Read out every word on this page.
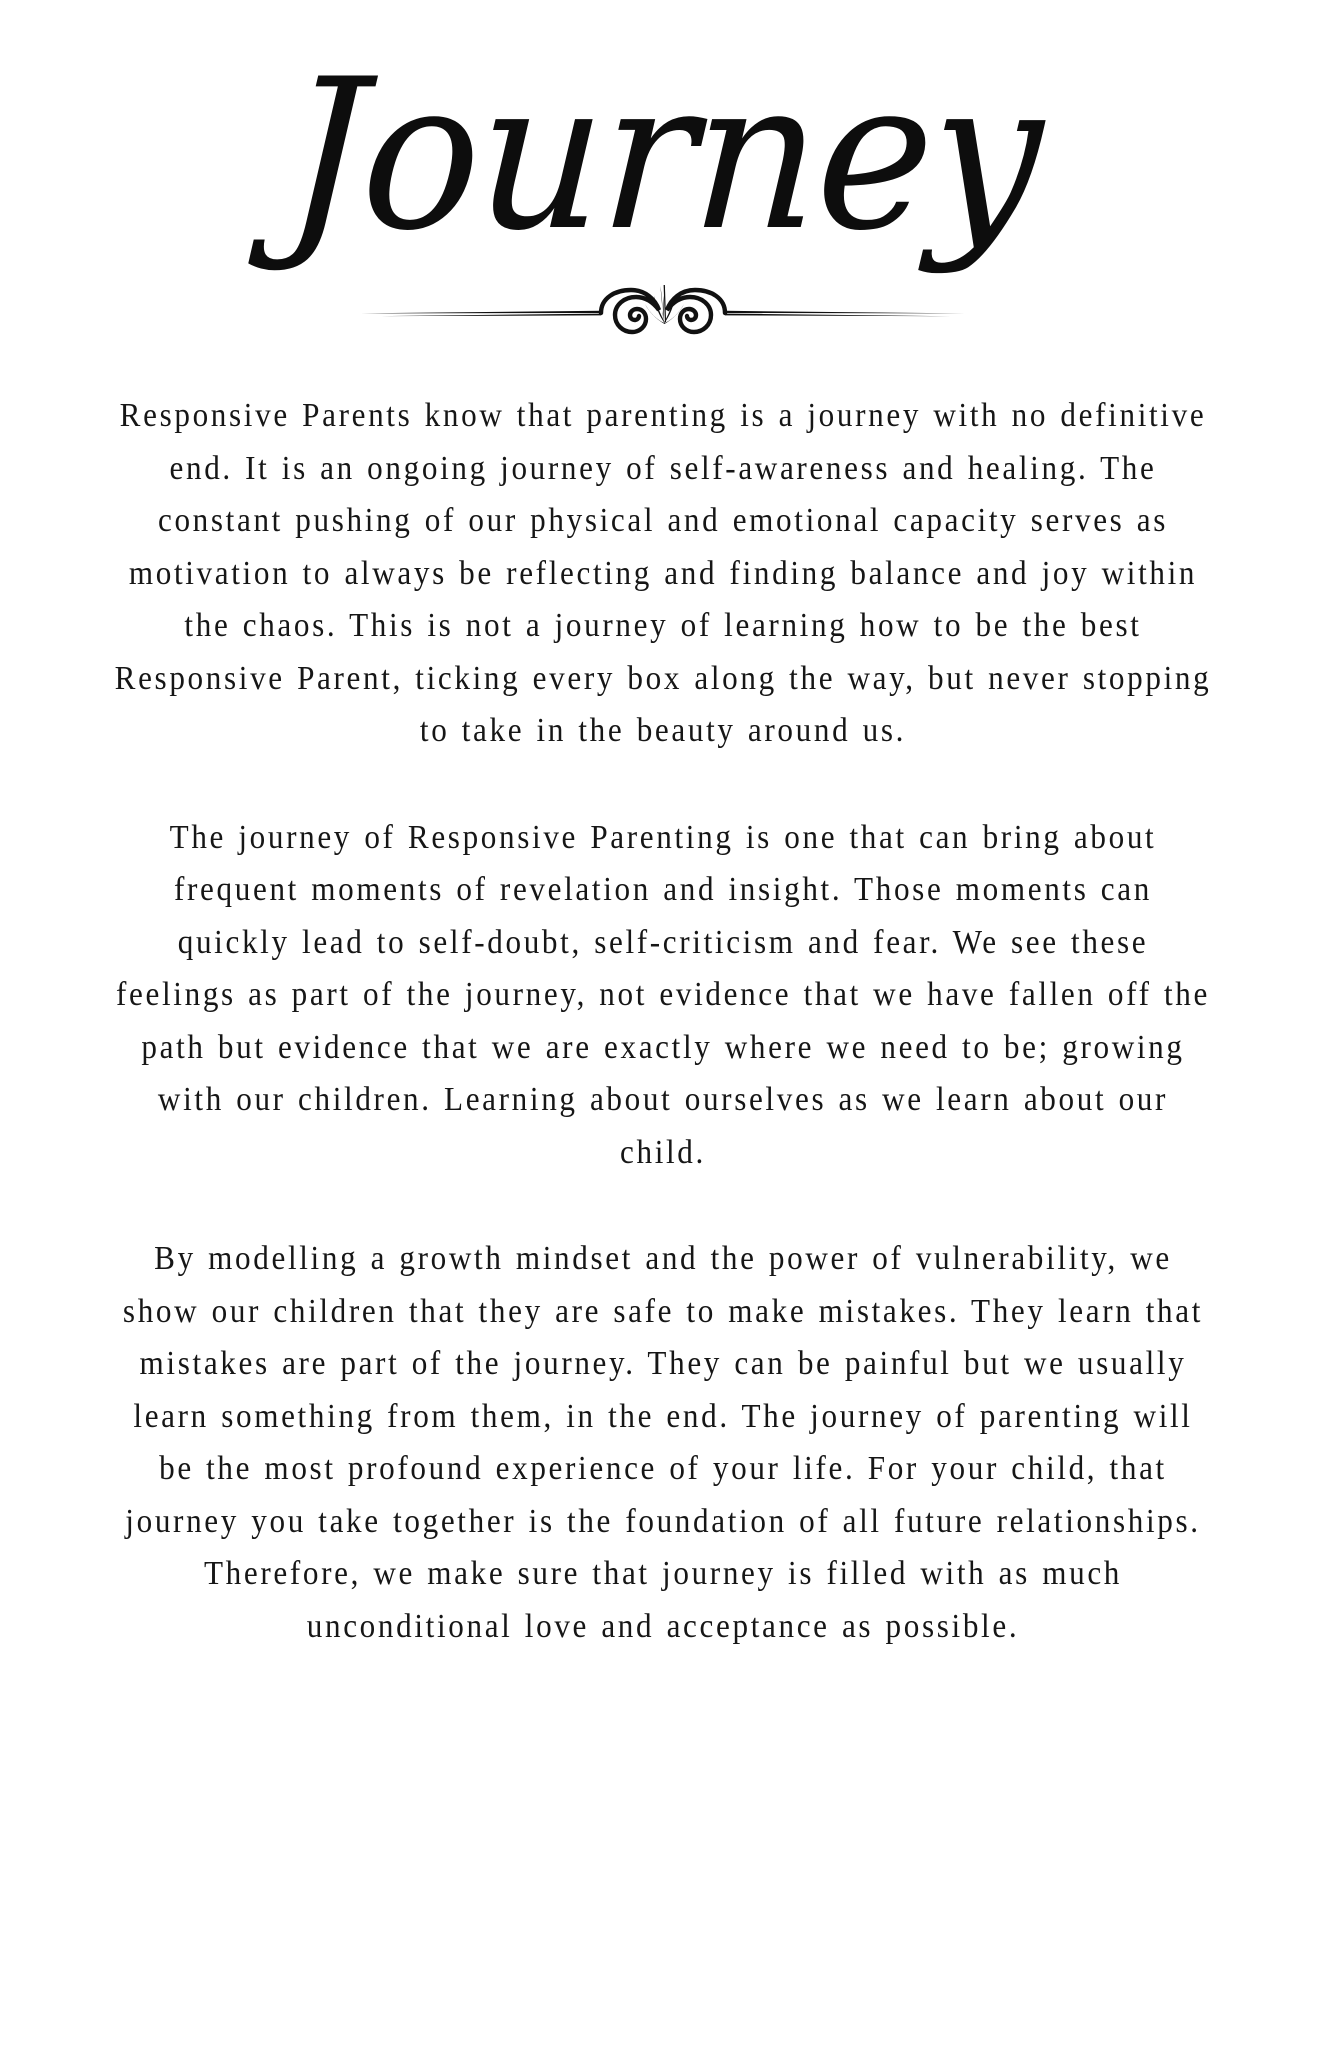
Journey

Responsive Parents know that parenting is a journey with no definitive end. It is an ongoing journey of self-awareness and healing. The constant pushing of our physical and emotional capacity serves as motivation to always be reflecting and finding balance and joy within the chaos. This is not a journey of learning how to be the best Responsive Parent, ticking every box along the way, but never stopping to take in the beauty around us.

The journey of Responsive Parenting is one that can bring about frequent moments of revelation and insight. Those moments can quickly lead to self-doubt, self-criticism and fear. We see these feelings as part of the journey, not evidence that we have fallen off the path but evidence that we are exactly where we need to be; growing with our children. Learning about ourselves as we learn about our child.

By modelling a growth mindset and the power of vulnerability, we show our children that they are safe to make mistakes. They learn that mistakes are part of the journey. They can be painful but we usually learn something from them, in the end. The journey of parenting will be the most profound experience of your life. For your child, that journey you take together is the foundation of all future relationships. Therefore, we make sure that journey is filled with as much unconditional love and acceptance as possible.
